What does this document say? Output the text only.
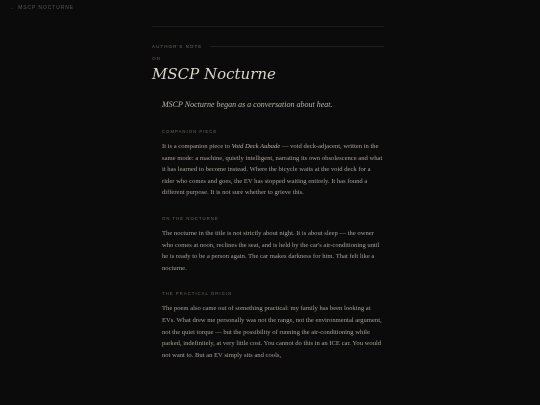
← MSCP NOCTURNE
AUTHOR'S NOTE
ON
MSCP Nocturne

MSCP Nocturne began as a conversation about heat.

COMPANION PIECE

It is a companion piece to Void Deck Aubade — void deck-adjacent, written in the same mode: a machine, quietly intelligent, narrating its own obsolescence and what it has learned to become instead. Where the bicycle waits at the void deck for a rider who comes and goes, the EV has stopped waiting entirely. It has found a different purpose. It is not sure whether to grieve this.

ON THE NOCTURNE

The nocturne in the title is not strictly about night. It is about sleep — the owner who comes at noon, reclines the seat, and is held by the car's air-conditioning until he is ready to be a person again. The car makes darkness for him. That felt like a nocturne.

THE PRACTICAL ORIGIN

The poem also came out of something practical: my family has been looking at EVs. What drew me personally was not the range, not the environmental argument, not the quiet torque — but the possibility of running the air-conditioning while parked, indefinitely, at very little cost. You cannot do this in an ICE car. You would not want to. But an EV simply sits and cools,
